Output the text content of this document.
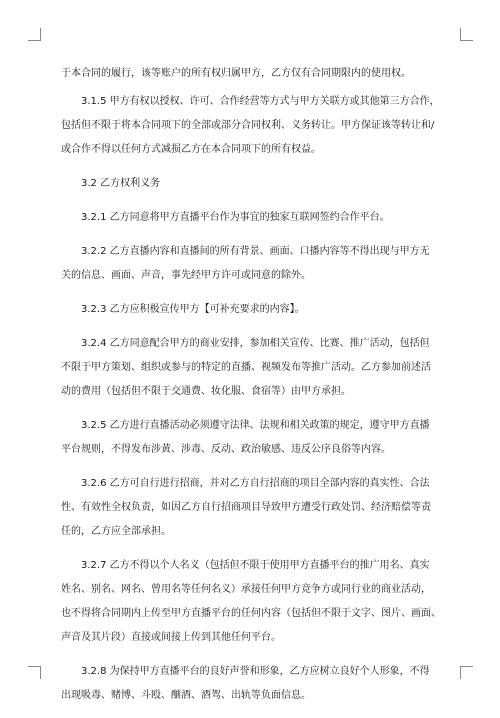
于本合同的履行，该等账户的所有权归属甲方，乙方仅有合同期限内的使用权。
3.1.5 甲方有权以授权、许可、合作经营等方式与甲方关联方或其他第三方合作，
包括但不限于将本合同项下的全部或部分合同权利、义务转让。甲方保证该等转让和/
或合作不得以任何方式减损乙方在本合同项下的所有权益。
3.2 乙方权利义务
3.2.1 乙方同意将甲方直播平台作为事宜的独家互联网签约合作平台。
3.2.2 乙方直播内容和直播间的所有背景、画面、口播内容等不得出现与甲方无
关的信息、画面、声音，事先经甲方许可或同意的除外。
3.2.3 乙方应积极宣传甲方【可补充要求的内容】。
3.2.4 乙方同意配合甲方的商业安排，参加相关宣传、比赛、推广活动，包括但
不限于甲方策划、组织或参与的特定的直播、视频发布等推广活动。乙方参加前述活
动的费用（包括但不限于交通费、妆化服、食宿等）由甲方承担。
3.2.5 乙方进行直播活动必须遵守法律、法规和相关政策的规定，遵守甲方直播
平台规则，不得发布涉黄、涉毒、反动、政治敏感、违反公序良俗等内容。
3.2.6 乙方可自行进行招商，并对乙方自行招商的项目全部内容的真实性、合法
性、有效性全权负责，如因乙方自行招商项目导致甲方遭受行政处罚、经济赔偿等责
任的，乙方应全部承担。
3.2.7 乙方不得以个人名义（包括但不限于使用甲方直播平台的推广用名、真实
姓名、别名、网名、曾用名等任何名义）承接任何甲方竞争方或同行业的商业活动，
也不得将合同期内上传至甲方直播平台的任何内容（包括但不限于文字、图片、画面、
声音及其片段）直接或间接上传到其他任何平台。
3.2.8 为保持甲方直播平台的良好声誉和形象，乙方应树立良好个人形象，不得
出现吸毒、赌博、斗殴、酗酒、酒驾、出轨等负面信息。
